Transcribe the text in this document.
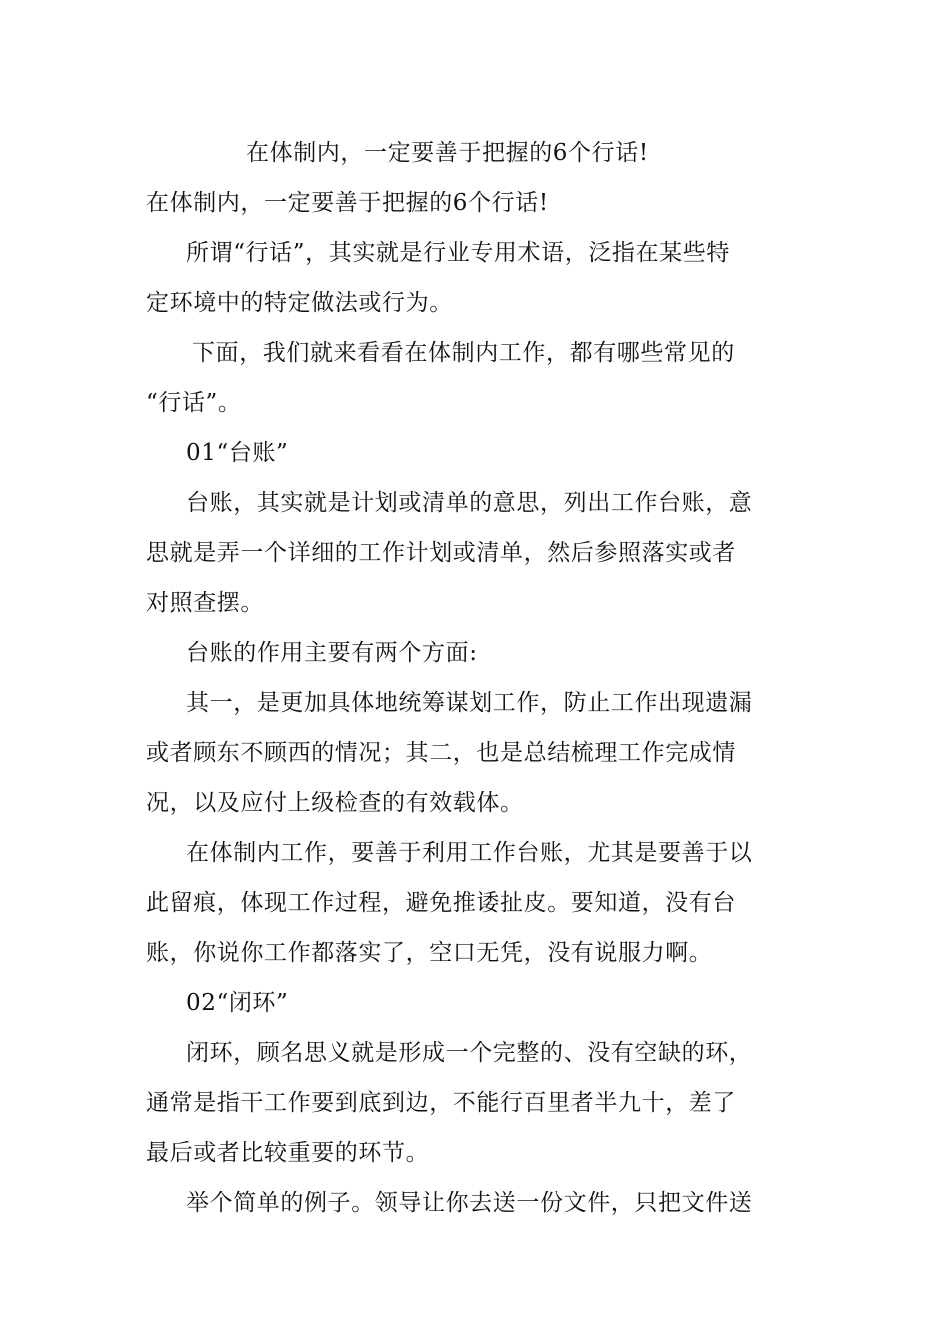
在体制内，一定要善于把握的6个行话!
在体制内，一定要善于把握的6个行话!
所谓“行话”，其实就是行业专用术语，泛指在某些特
定环境中的特定做法或行为。
下面，我们就来看看在体制内工作，都有哪些常见的
“行话”。
01“台账”
台账，其实就是计划或清单的意思，列出工作台账，意
思就是弄一个详细的工作计划或清单，然后参照落实或者
对照查摆。
台账的作用主要有两个方面:
其一，是更加具体地统筹谋划工作，防止工作出现遗漏
或者顾东不顾西的情况；其二，也是总结梳理工作完成情
况，以及应付上级检查的有效载体。
在体制内工作，要善于利用工作台账，尤其是要善于以
此留痕，体现工作过程，避免推诿扯皮。要知道，没有台
账，你说你工作都落实了，空口无凭，没有说服力啊。
02“闭环”
闭环，顾名思义就是形成一个完整的、没有空缺的环，
通常是指干工作要到底到边，不能行百里者半九十，差了
最后或者比较重要的环节。
举个简单的例子。领导让你去送一份文件，只把文件送
